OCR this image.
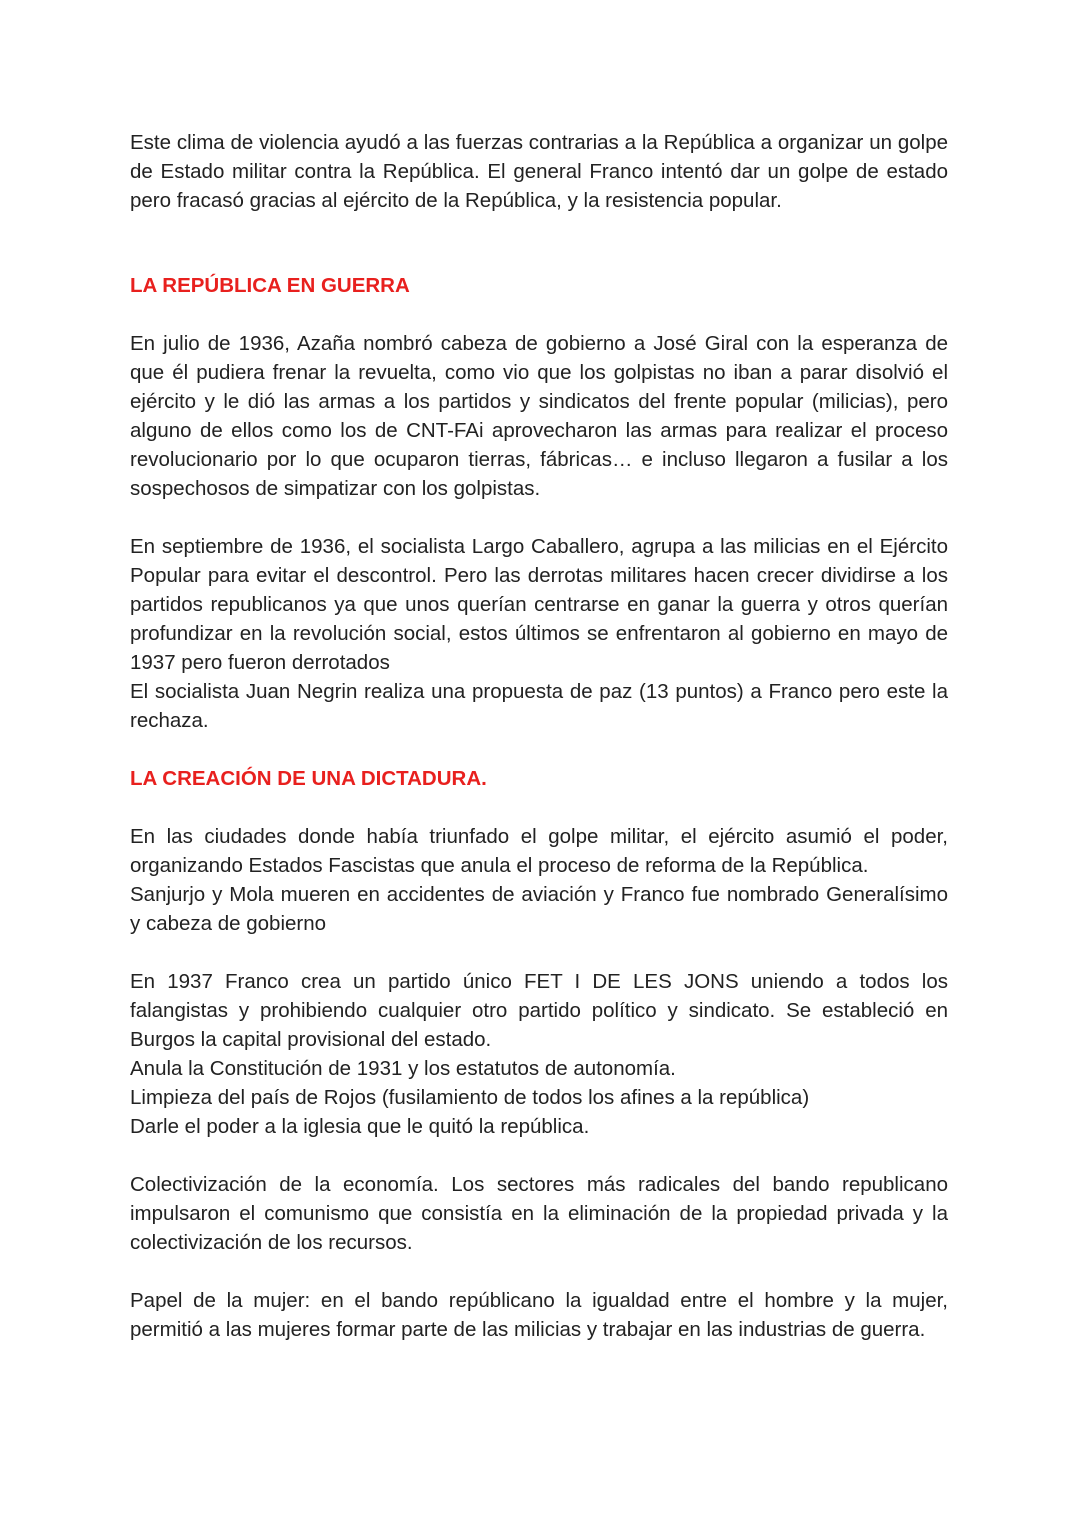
Este clima de violencia ayudó a las fuerzas contrarias a la República a organizar un golpe de Estado militar contra la República. El general Franco intentó dar un golpe de estado pero fracasó gracias al ejército de la República, y la resistencia popular.

LA REPÚBLICA EN GUERRA

En julio de 1936, Azaña nombró cabeza de gobierno a José Giral con la esperanza de que él pudiera frenar la revuelta, como vio que los golpistas no iban a parar disolvió el ejército y le dió las armas a los partidos y sindicatos del frente popular (milicias), pero alguno de ellos como los de CNT-FAi aprovecharon las armas para realizar el proceso revolucionario por lo que ocuparon tierras, fábricas… e incluso llegaron a fusilar a los sospechosos de simpatizar con los golpistas.

En septiembre de 1936, el socialista Largo Caballero, agrupa a las milicias en el Ejército Popular para evitar el descontrol. Pero las derrotas militares hacen crecer dividirse a los partidos republicanos ya que unos querían centrarse en ganar la guerra y otros querían profundizar en la revolución social, estos últimos se enfrentaron al gobierno en mayo de 1937 pero fueron derrotados

El socialista Juan Negrin realiza una propuesta de paz (13 puntos) a Franco pero este la rechaza.

LA CREACIÓN DE UNA DICTADURA.

En las ciudades donde había triunfado el golpe militar, el ejército asumió el poder, organizando Estados Fascistas que anula el proceso de reforma de la República.

Sanjurjo y Mola mueren en accidentes de aviación y Franco fue nombrado Generalísimo y cabeza de gobierno

En 1937 Franco crea un partido único FET I DE LES JONS uniendo a todos los falangistas y prohibiendo cualquier otro partido político y sindicato. Se estableció en Burgos la capital provisional del estado.

Anula la Constitución de 1931 y los estatutos de autonomía.

Limpieza del país de Rojos (fusilamiento de todos los afines a la república)

Darle el poder a la iglesia que le quitó la república.

Colectivización de la economía. Los sectores más radicales del bando republicano impulsaron el comunismo que consistía en la eliminación de la propiedad privada y la colectivización de los recursos.

Papel de la mujer: en el bando repúblicano la igualdad entre el hombre y la mujer, permitió a las mujeres formar parte de las milicias y trabajar en las industrias de guerra.
